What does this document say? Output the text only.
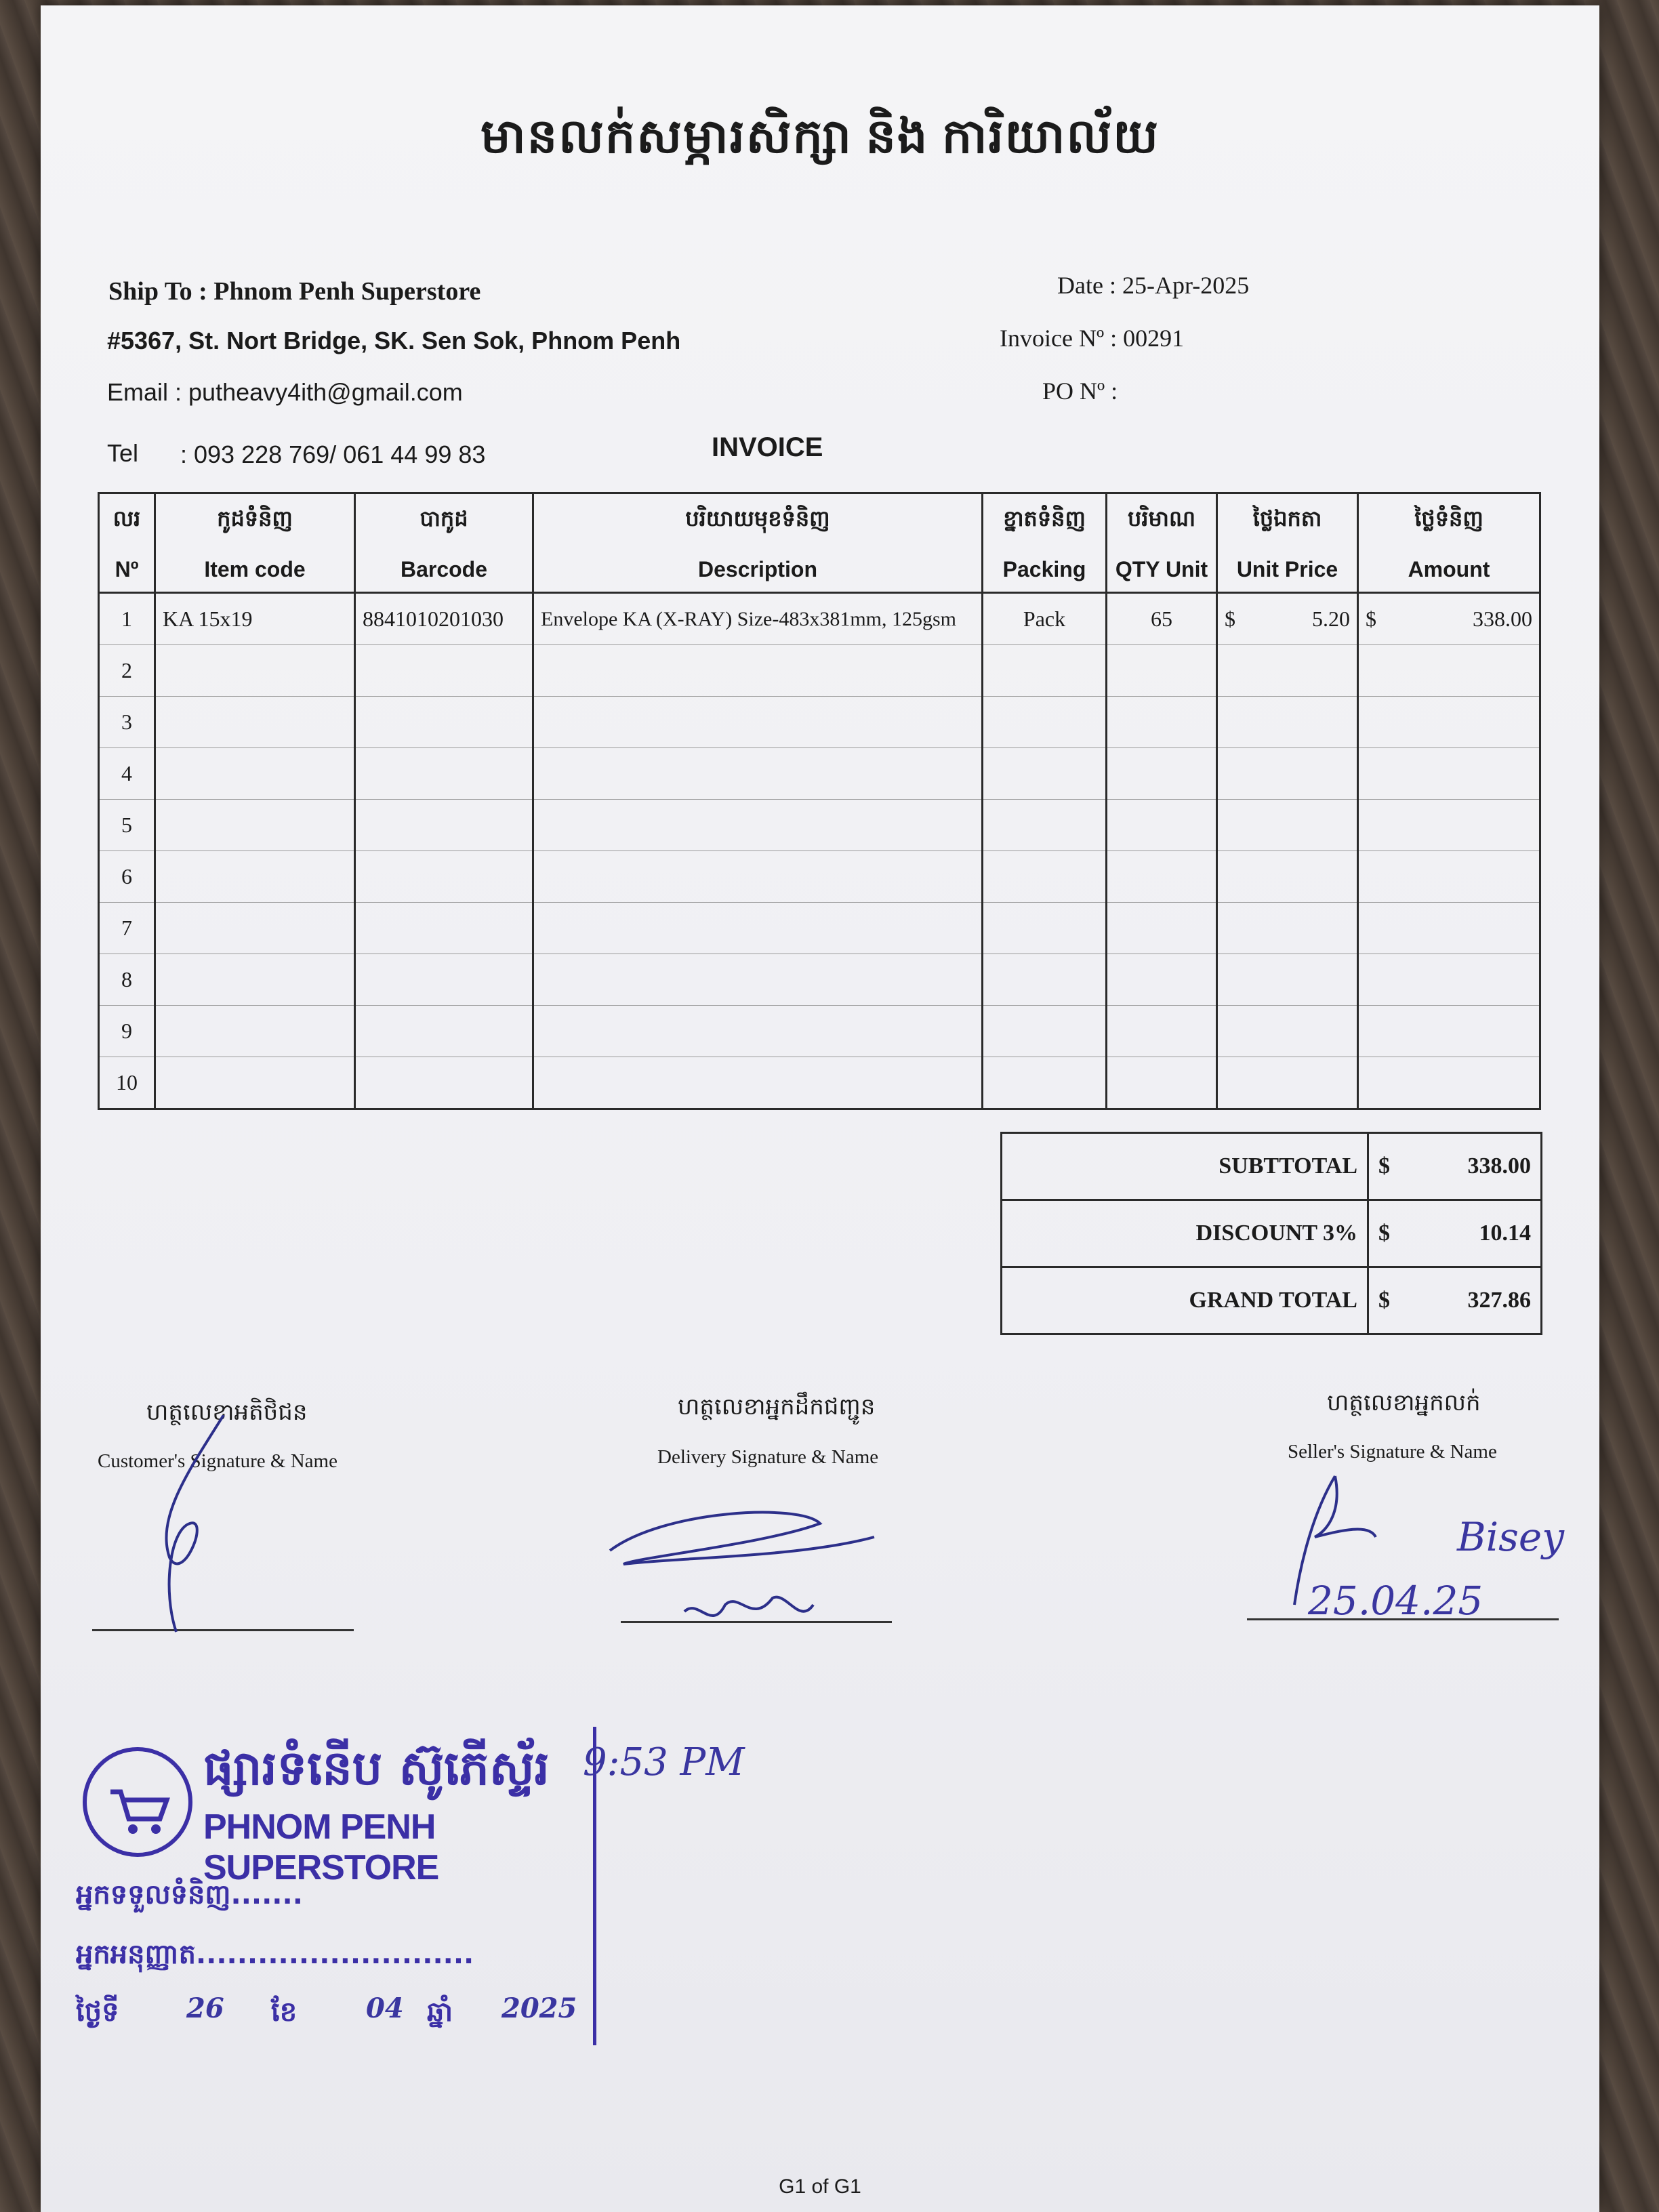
មានលក់សម្ភារសិក្សា និង ការិយាល័យ
Ship To : Phnom Penh Superstore
#5367, St. Nort Bridge, SK. Sen Sok, Phnom Penh
Email : putheavy4ith@gmail.com
Tel : 093 228 769/ 061 44 99 83
Date : 25-Apr-2025
Invoice Nº : 00291
PO Nº :
INVOICE
លរ	កូដទំនិញ	បាកូដ	បរិយាយមុខទំនិញ	ខ្នាតទំនិញ	បរិមាណ	ថ្លៃឯកតា	ថ្លៃទំនិញ
Nº	Item code	Barcode	Description	Packing	QTY Unit	Unit Price	Amount
1	KA 15x19	8841010201030	Envelope KA (X-RAY) Size-483x381mm, 125gsm	Pack	65	$ 5.20	$ 338.00

2							
3							
4							
5							
6							
7							
8							
9							
10							
SUBTTOTAL	$	338.00
DISCOUNT 3%	$	10.14
GRAND TOTAL	$	327.86
ហត្ថលេខាអតិថិជន
Customer's Signature & Name
ហត្ថលេខាអ្នកដឹកជញ្ជូន
Delivery Signature & Name
ហត្ថលេខាអ្នកលក់
Seller's Signature & Name
Bisey
25.04.25
ផ្សារទំនើប ស៊ូភើស្ទ័រ
PHNOM PENH SUPERSTORE
អ្នកទទួលទំនិញ.......
អ្នកអនុញ្ញាត...........................
ថ្ងៃទី 26 ខែ	04 ឆ្នាំ 2025
9:53 PM
G1 of G1
